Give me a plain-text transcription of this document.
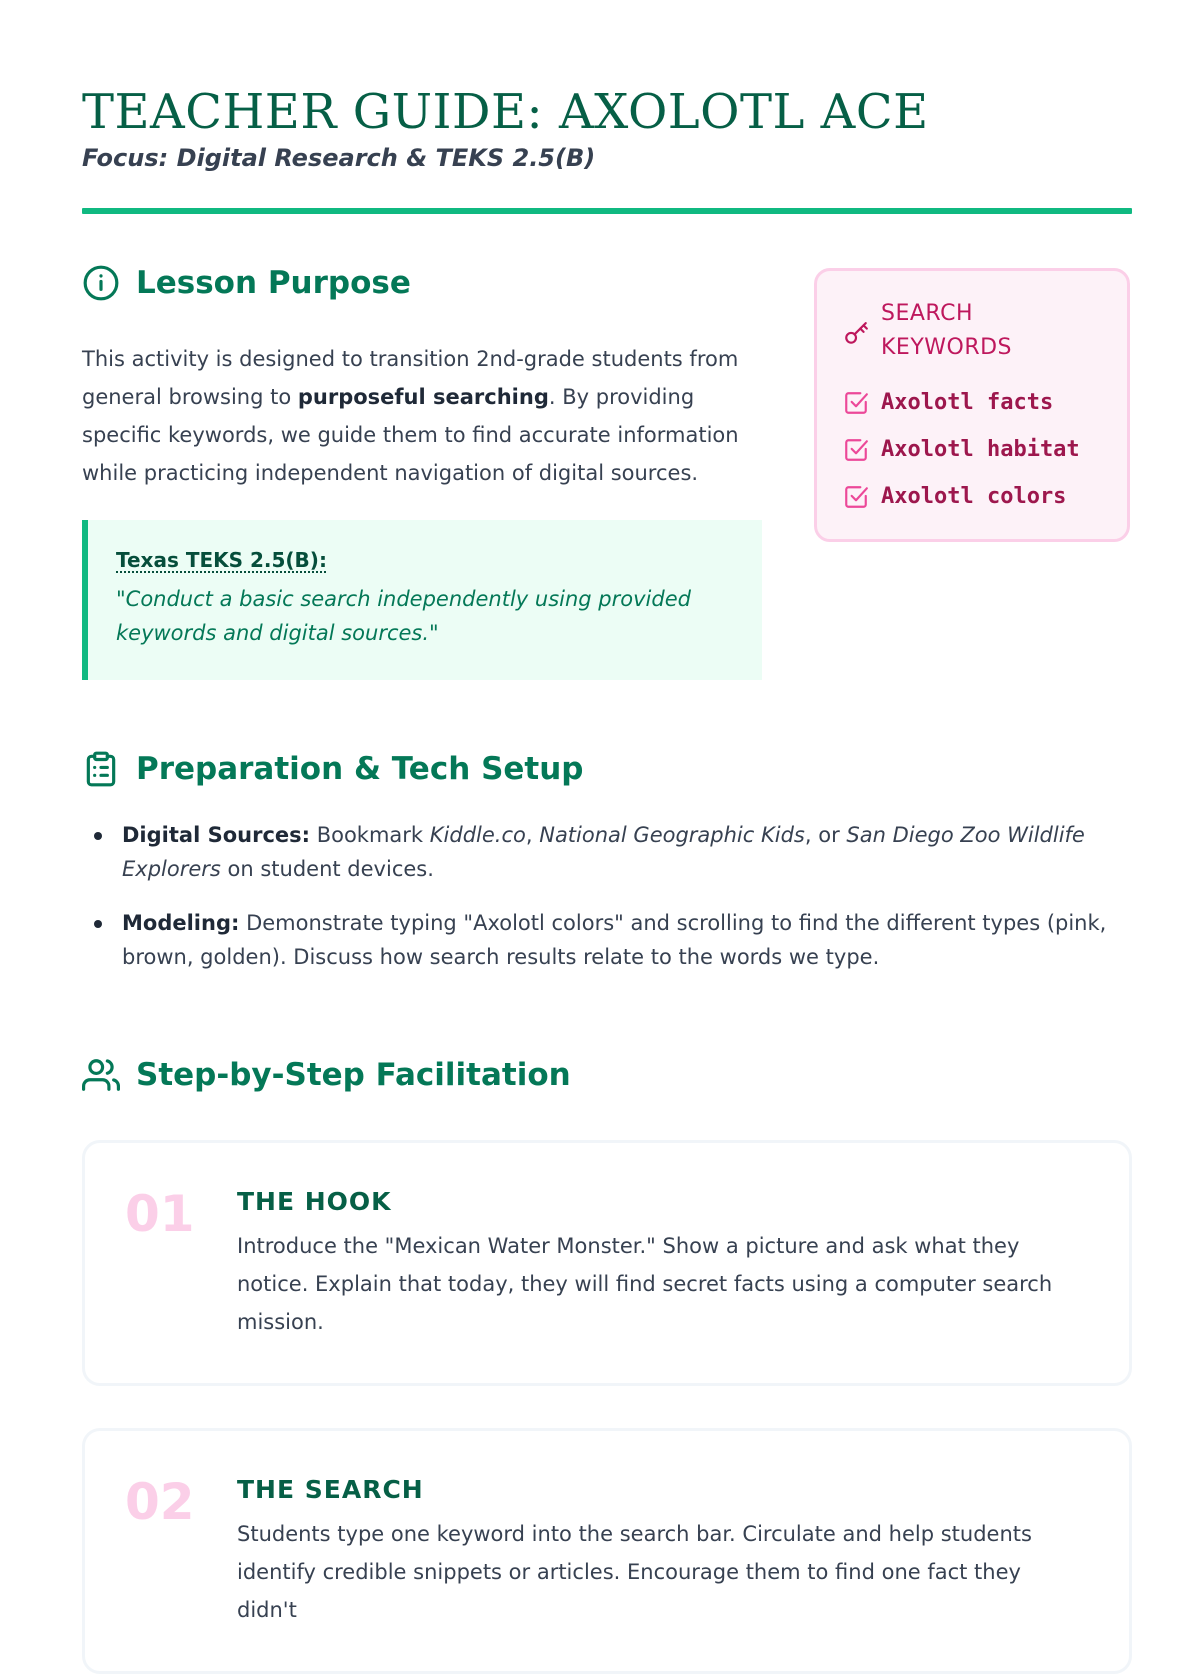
TEACHER GUIDE: AXOLOTL ACE
Focus: Digital Research & TEKS 2.5(B)
Lesson Purpose

This activity is designed to transition 2nd-grade students from general browsing to purposeful searching. By providing specific keywords, we guide them to find accurate information while practicing independent navigation of digital sources.

Texas TEKS 2.5(B):
"Conduct a basic search independently using provided keywords and digital sources."
SEARCH KEYWORDS
Axolotl facts
Axolotl habitat
Axolotl colors
Preparation & Tech Setup
Digital Sources: Bookmark Kiddle.co, National Geographic Kids, or San Diego Zoo Wildlife Explorers on student devices.
Modeling: Demonstrate typing "Axolotl colors" and scrolling to find the different types (pink, brown, golden). Discuss how search results relate to the words we type.
Step-by-Step Facilitation
01 THE HOOK
Introduce the "Mexican Water Monster." Show a picture and ask what they notice. Explain that today, they will find secret facts using a computer search mission.
02 THE SEARCH
Students type one keyword into the search bar. Circulate and help students identify credible snippets or articles. Encourage them to find one fact they didn't
